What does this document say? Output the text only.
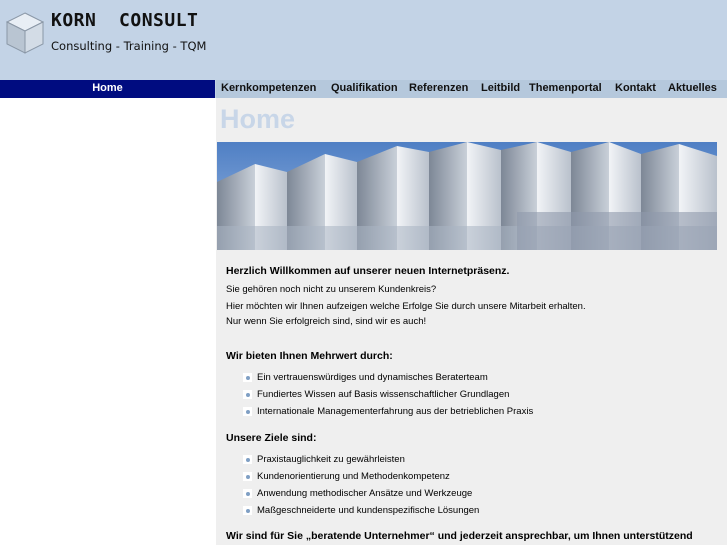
KORN  CONSULT
Consulting - Training - TQM
Home	Kernkompetenzen Qualifikation Referenzen Leitbild Themenportal Kontakt Aktuelles
Home
Herzlich Willkommen auf unserer neuen Internetpräsenz.
Sie gehören noch nicht zu unserem Kundenkreis?
Hier möchten wir Ihnen aufzeigen welche Erfolge Sie durch unsere Mitarbeit erhalten.
Nur wenn Sie erfolgreich sind, sind wir es auch!
Wir bieten Ihnen Mehrwert durch:
Ein vertrauenswürdiges und dynamisches Beraterteam
Fundiertes Wissen auf Basis wissenschaftlicher Grundlagen
Internationale Managementerfahrung aus der betrieblichen Praxis
Unsere Ziele sind:
Praxistauglichkeit zu gewährleisten
Kundenorientierung und Methodenkompetenz
Anwendung methodischer Ansätze und Werkzeuge
Maßgeschneiderte und kundenspezifische Lösungen
Wir sind für Sie „beratende Unternehmer“ und jederzeit ansprechbar, um Ihnen unterstützend
